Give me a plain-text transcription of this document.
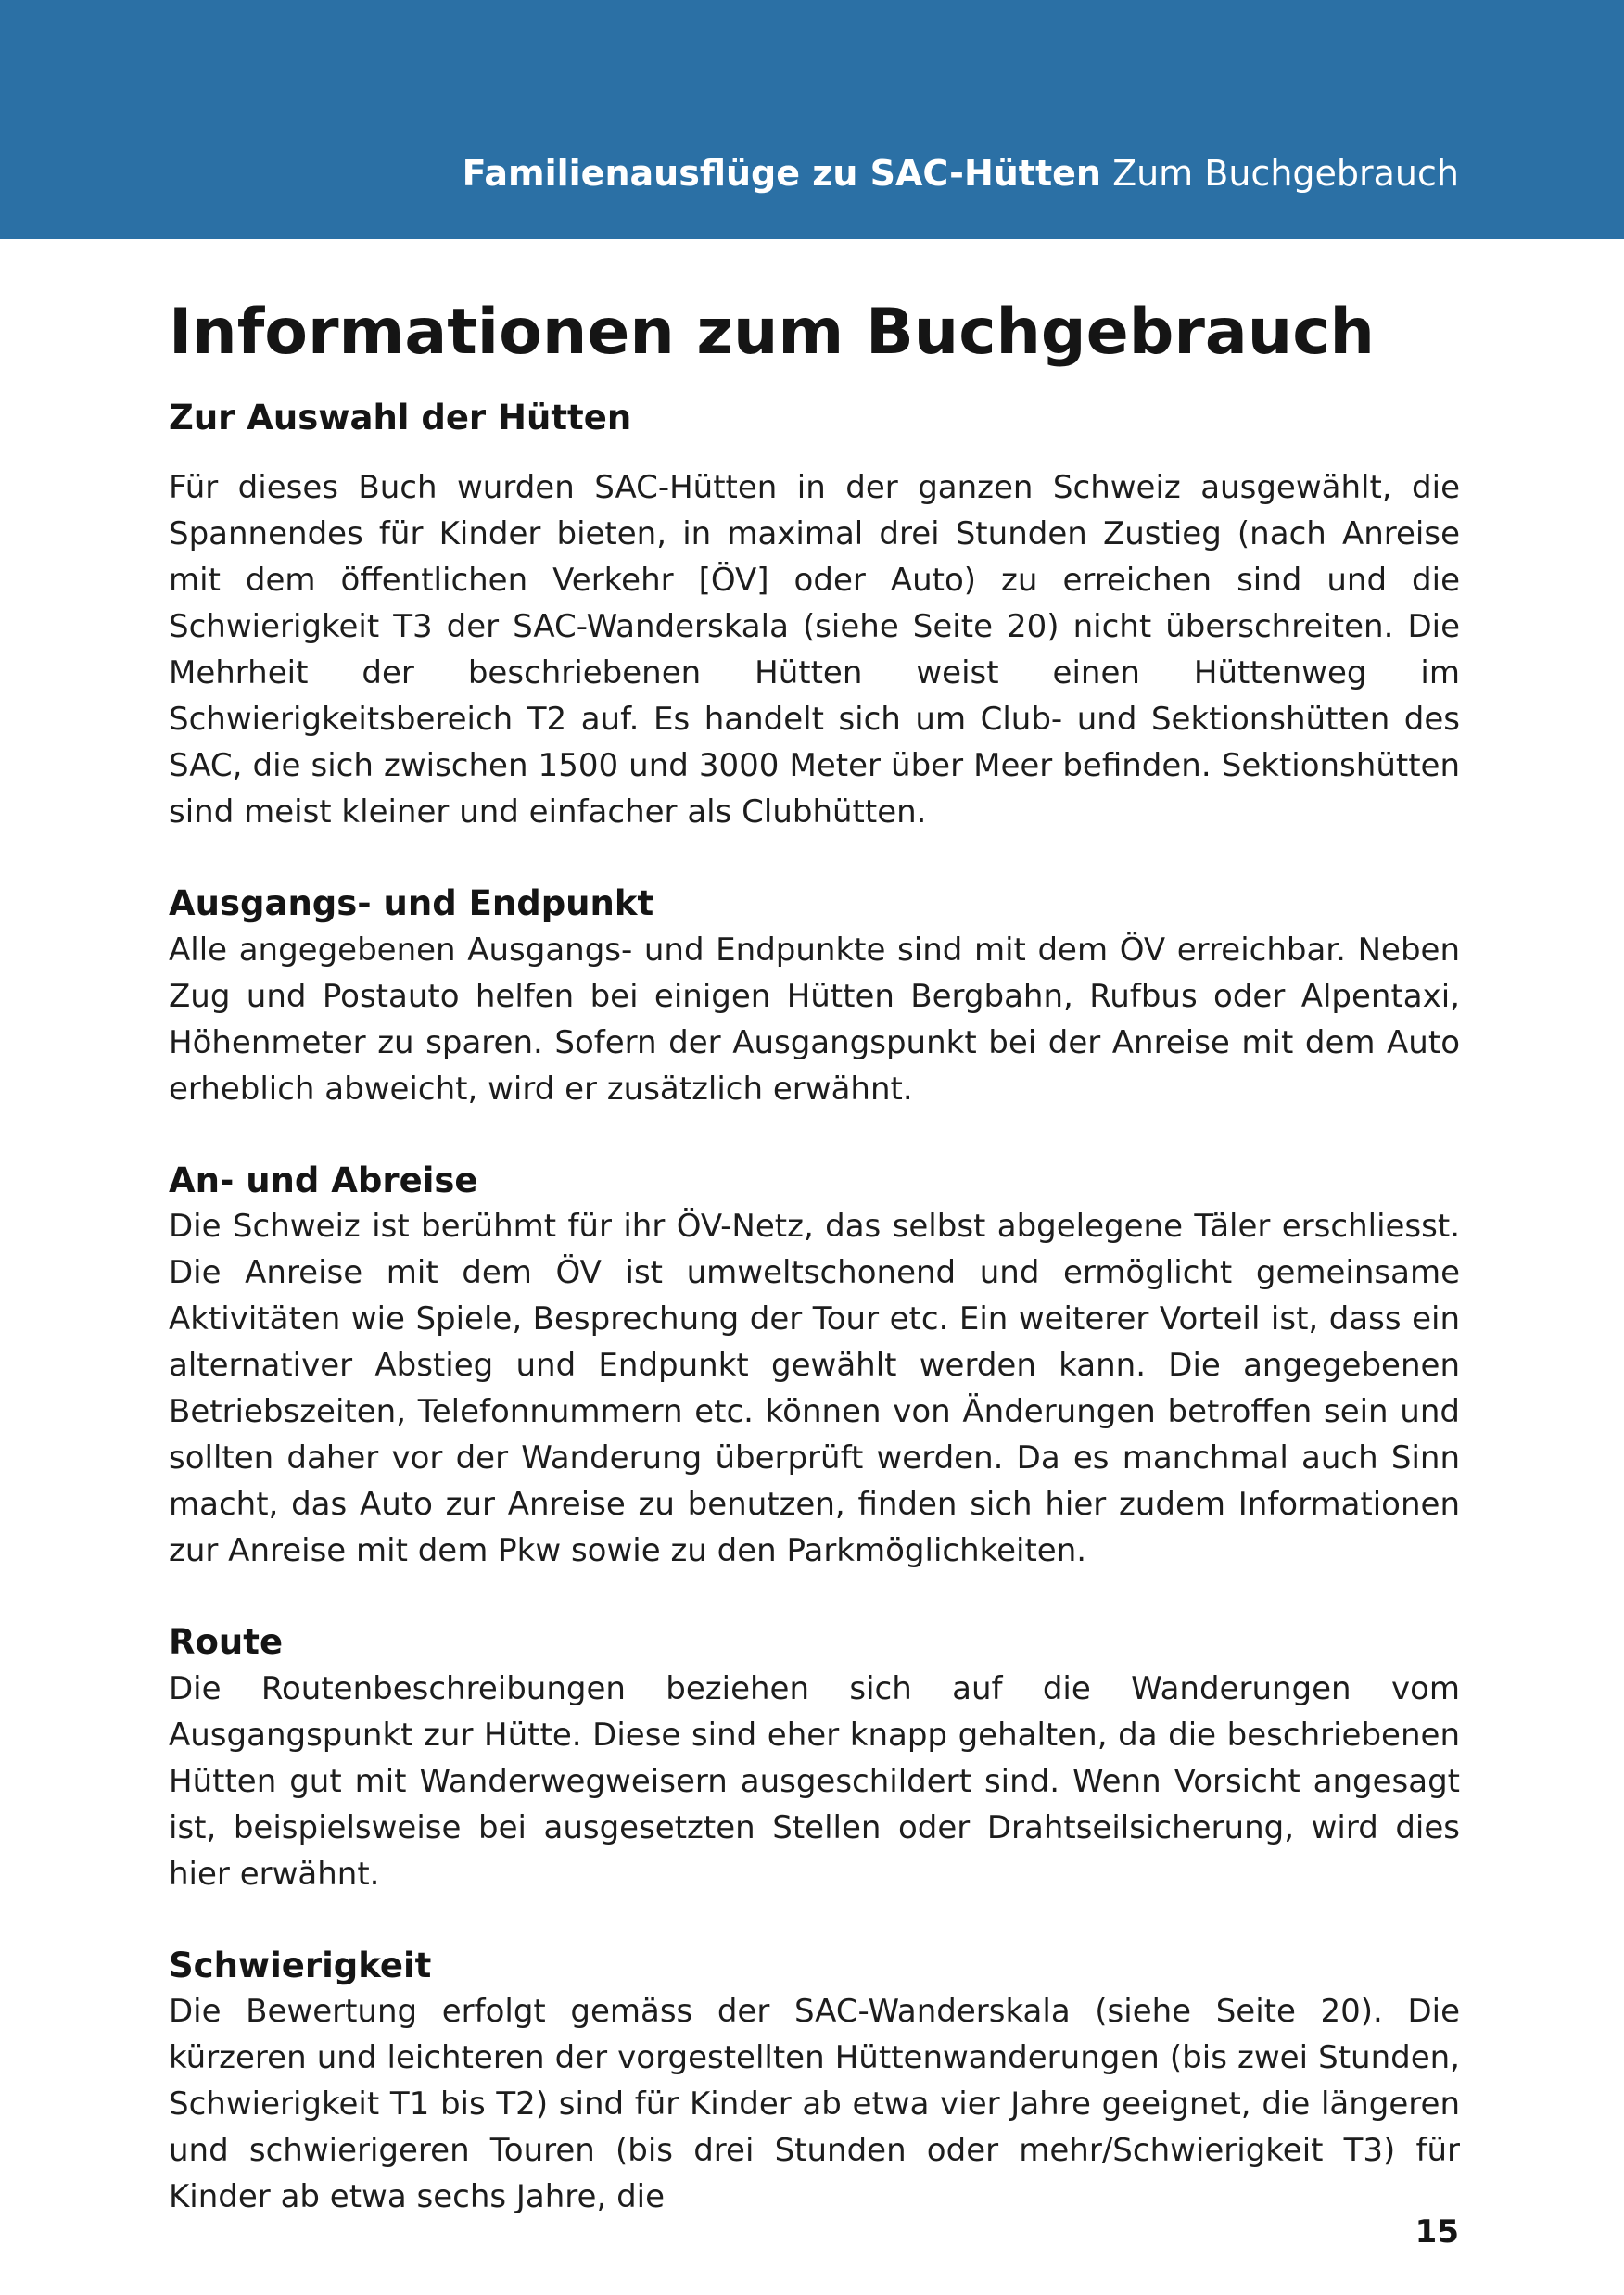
Familienausflüge zu SAC-Hütten Zum Buchgebrauch
Informationen zum Buchgebrauch
Zur Auswahl der Hütten

Für dieses Buch wurden SAC-Hütten in der ganzen Schweiz ausgewählt, die Spannendes für Kinder bieten, in maximal drei Stunden Zustieg (nach Anreise mit dem öffentlichen Verkehr [ÖV] oder Auto) zu erreichen sind und die Schwierigkeit T3 der SAC-Wanderskala (siehe Seite 20) nicht überschreiten. Die Mehrheit der beschriebenen Hütten weist einen Hüttenweg im Schwierigkeitsbereich T2 auf. Es handelt sich um Club- und Sektionshütten des SAC, die sich zwischen 1500 und 3000 Meter über Meer befinden. Sektionshütten sind meist kleiner und einfacher als Clubhütten.

Ausgangs- und Endpunkt

Alle angegebenen Ausgangs- und Endpunkte sind mit dem ÖV erreichbar. Neben Zug und Postauto helfen bei einigen Hütten Bergbahn, Rufbus oder Alpentaxi, Höhenmeter zu sparen. Sofern der Ausgangspunkt bei der Anreise mit dem Auto erheblich abweicht, wird er zusätzlich erwähnt.

An- und Abreise

Die Schweiz ist berühmt für ihr ÖV-Netz, das selbst abgelegene Täler erschliesst. Die Anreise mit dem ÖV ist umweltschonend und ermöglicht gemeinsame Aktivitäten wie Spiele, Besprechung der Tour etc. Ein weiterer Vorteil ist, dass ein alternativer Abstieg und Endpunkt gewählt werden kann. Die angegebenen Betriebszeiten, Telefonnummern etc. können von Änderungen betroffen sein und sollten daher vor der Wanderung überprüft werden. Da es manchmal auch Sinn macht, das Auto zur Anreise zu benutzen, finden sich hier zudem Informationen zur Anreise mit dem Pkw sowie zu den Parkmöglichkeiten.

Route

Die Routenbeschreibungen beziehen sich auf die Wanderungen vom Ausgangspunkt zur Hütte. Diese sind eher knapp gehalten, da die beschriebenen Hütten gut mit Wanderwegweisern ausgeschildert sind. Wenn Vorsicht angesagt ist, beispielsweise bei ausgesetzten Stellen oder Drahtseilsicherung, wird dies hier erwähnt.

Schwierigkeit

Die Bewertung erfolgt gemäss der SAC-Wanderskala (siehe Seite 20). Die kürzeren und leichteren der vorgestellten Hüttenwanderungen (bis zwei Stunden, Schwierigkeit T1 bis T2) sind für Kinder ab etwa vier Jahre geeignet, die längeren und schwierigeren Touren (bis drei Stunden oder mehr/Schwierigkeit T3) für Kinder ab etwa sechs Jahre, die

15
